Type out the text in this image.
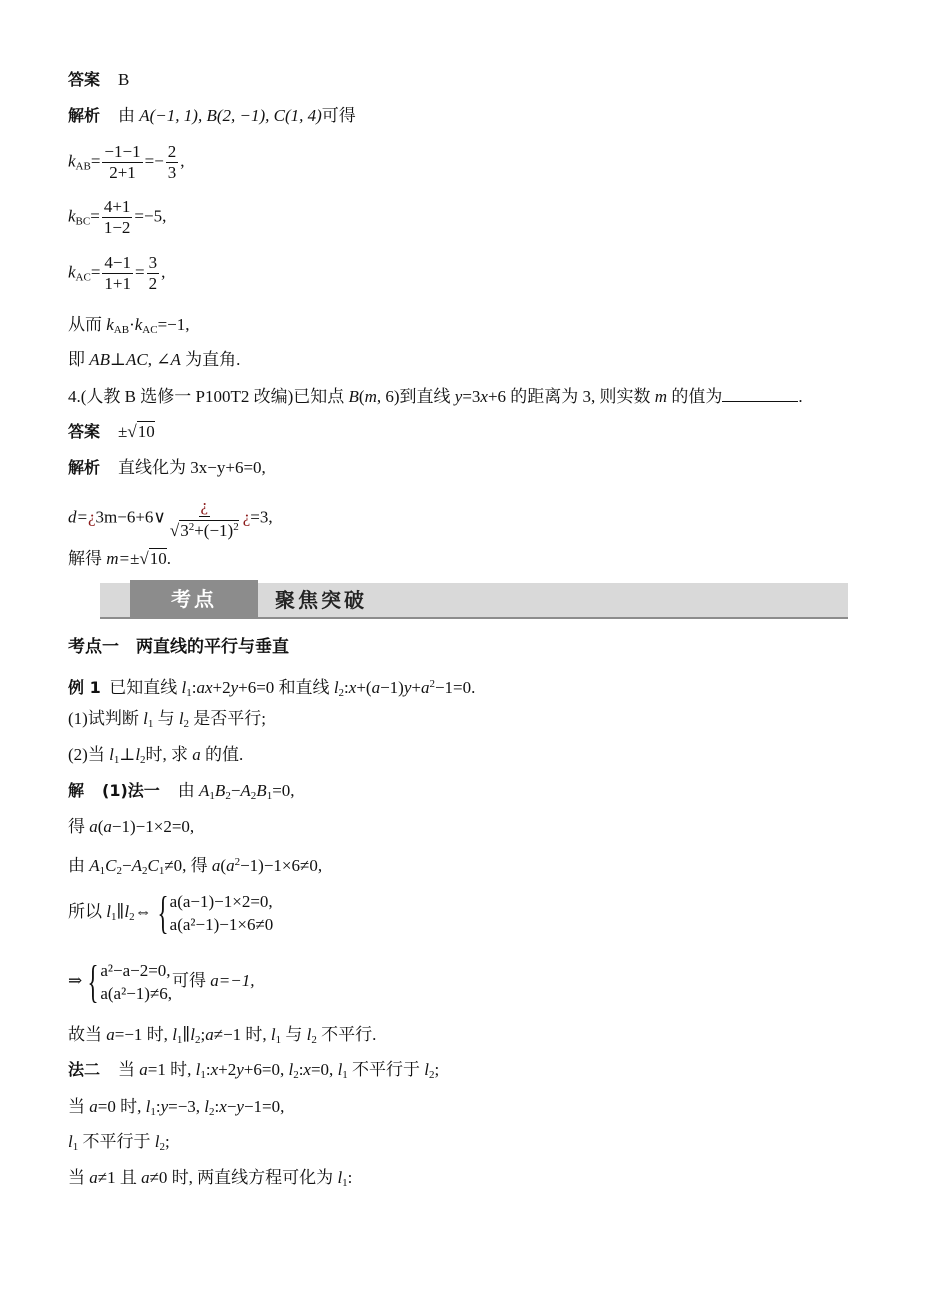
答案 B
解析 由 A(−1, 1), B(2, −1), C(1, 4)可得
$k_{AB}= \frac{-1-1}{2+1} =- \frac{2}{3}$ ,
$k_{BC}= \frac{4+1}{1-2} =-5$,
$k_{AC}= \frac{4-1}{1+1} = \frac{3}{2}$ ,
从而 $k_{AB}\cdot k_{AC}=-1$,
即 AB⊥AC, ∠A 为直角.
4.(人教 B 选修一 P100T2 改编)已知点 B(m, 6)到直线 y=3x+6 的距离为 3, 则实数 m 的值为	.
答案 ±√10
解析 直线化为 3x−y+6=0,
d=¿3m−6+6∨ $\frac{¿}{√3^2+(-1)^2}$ ¿=3,
解得 m=±√10.
考点	聚焦突破
考点一　两直线的平行与垂直
例 1 已知直线 $l_1:ax+2y+6=0$ 和直线 $l_2:x+(a-1)y+a^2-1=0$.
(1)试判断 $l_1$ 与 $l_2$ 是否平行;
(2)当 $l_1\perp l_2$时, 求 a 的值.
解 (1)法一 由 $A_1B_2-A_2B_1=0$,
得 a(a−1)−1×2=0,
由 $A_1C_2-A_2C_1\ne 0$, 得 $a(a^2-1)-1\times 6\ne 0$,
所以 $l_1\parallel l_2\Leftrightarrow$ { a(a−1)−1×2=0,
a(a²−1)−1×6≠0
⇒ { a²−a−2=0,
a(a²−1)≠6,
可得 a=−1,
故当 a=−1 时, $l_1\parallel l_2;a\ne-1$ 时, $l_1$ 与 $l_2$ 不平行.
法二 当 a=1 时, $l_1:x+2y+6=0$, $l_2:x=0$, $l_1$ 不平行于 $l_2$;
当 a=0 时, $l_1:y=-3$, $l_2:x-y-1=0$,
$l_1$ 不平行于 $l_2$;
当 a≠1 且 a≠0 时, 两直线方程可化为 $l_1$:
